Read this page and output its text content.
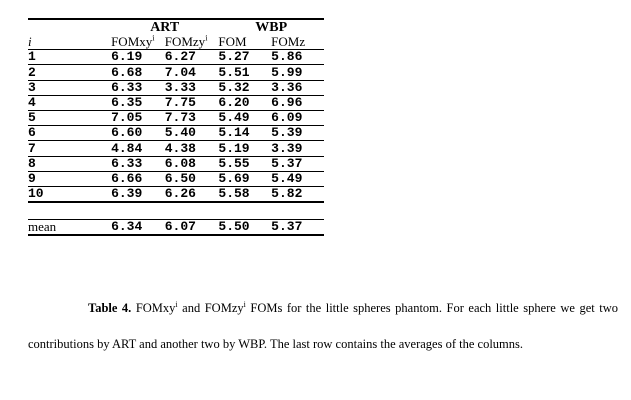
	ART		WBP	
i	FOMxy$^i$	FOMzy$^i$	FOM	FOMz
1	6.19	6.27	5.27	5.86
2	6.68	7.04	5.51	5.99
3	6.33	3.33	5.32	3.36
4	6.35	7.75	6.20	6.96
5	7.05	7.73	5.49	6.09
6	6.60	5.40	5.14	5.39
7	4.84	4.38	5.19	3.39
8	6.33	6.08	5.55	5.37
9	6.66	6.50	5.69	5.49
10	6.39	6.26	5.58	5.82

mean	6.34	6.07	5.50	5.37

Table 4. FOMxy$^i$ and FOMzy$^i$ FOMs for the little spheres phantom. For each little sphere we get two contributions by ART and another two by WBP. The last row contains the averages of the columns.
